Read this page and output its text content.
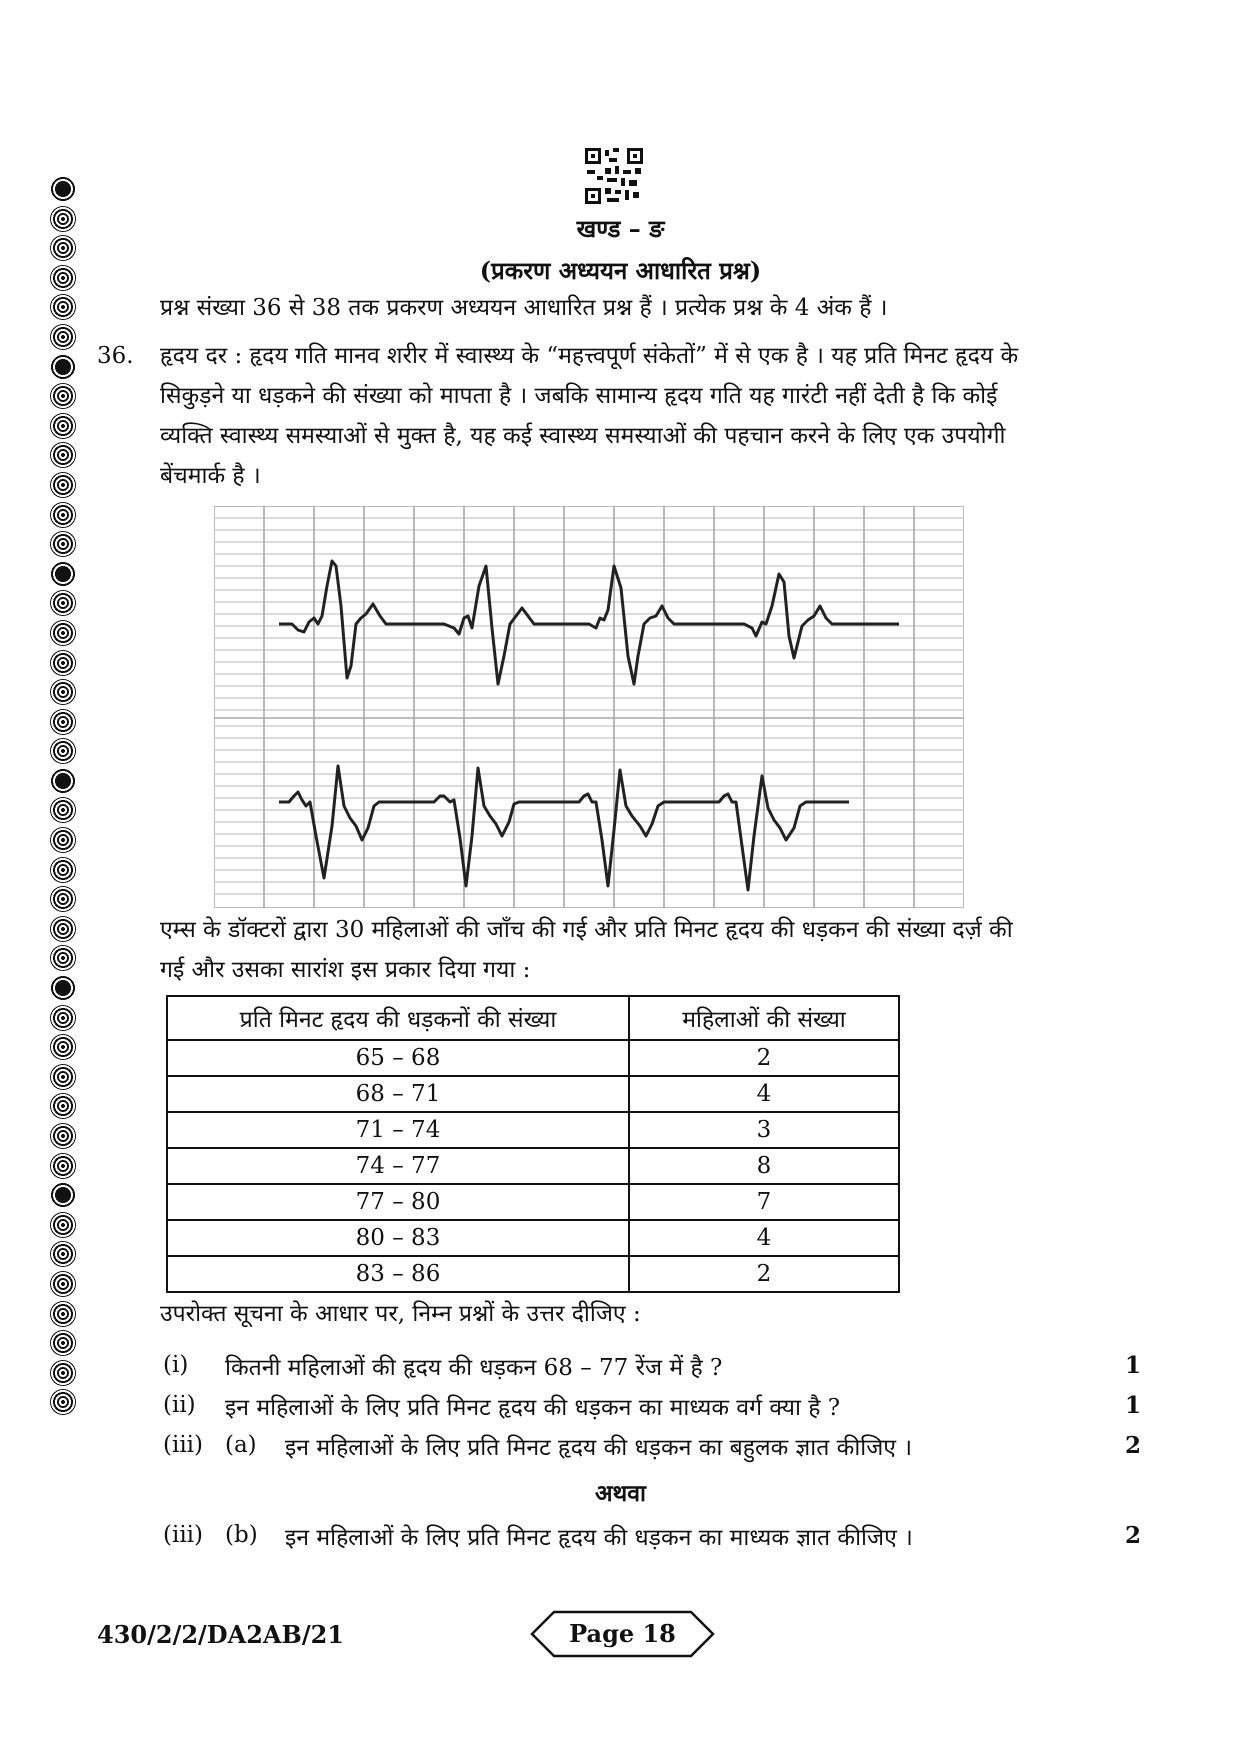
खण्ड – ङ
(प्रकरण अध्ययन आधारित प्रश्न)
प्रश्न संख्या 36 से 38 तक प्रकरण अध्ययन आधारित प्रश्न हैं । प्रत्येक प्रश्न के 4 अंक हैं ।
36. हृदय दर : हृदय गति मानव शरीर में स्वास्थ्य के “महत्त्वपूर्ण संकेतों” में से एक है । यह प्रति मिनट हृदय के
सिकुड़ने या धड़कने की संख्या को मापता है । जबकि सामान्य हृदय गति यह गारंटी नहीं देती है कि कोई
व्यक्ति स्वास्थ्य समस्याओं से मुक्त है, यह कई स्वास्थ्य समस्याओं की पहचान करने के लिए एक उपयोगी
बेंचमार्क है ।
एम्स के डॉक्टरों द्वारा 30 महिलाओं की जाँच की गई और प्रति मिनट हृदय की धड़कन की संख्या दर्ज़ की
गई और उसका सारांश इस प्रकार दिया गया :
प्रति मिनट हृदय की धड़कनों की संख्या	महिलाओं की संख्या
65 – 68	2
68 – 71	4
71 – 74	3
74 – 77	8
77 – 80	7
80 – 83	4
83 – 86	2
उपरोक्त सूचना के आधार पर, निम्न प्रश्नों के उत्तर दीजिए :
(i) कितनी महिलाओं की हृदय की धड़कन 68 – 77 रेंज में है ?	1
(ii) इन महिलाओं के लिए प्रति मिनट हृदय की धड़कन का माध्यक वर्ग क्या है ?	1
(iii) (a) इन महिलाओं के लिए प्रति मिनट हृदय की धड़कन का बहुलक ज्ञात कीजिए ।	2
अथवा
(iii) (b) इन महिलाओं के लिए प्रति मिनट हृदय की धड़कन का माध्यक ज्ञात कीजिए ।	2
430/2/2/DA2AB/21	Page 18
